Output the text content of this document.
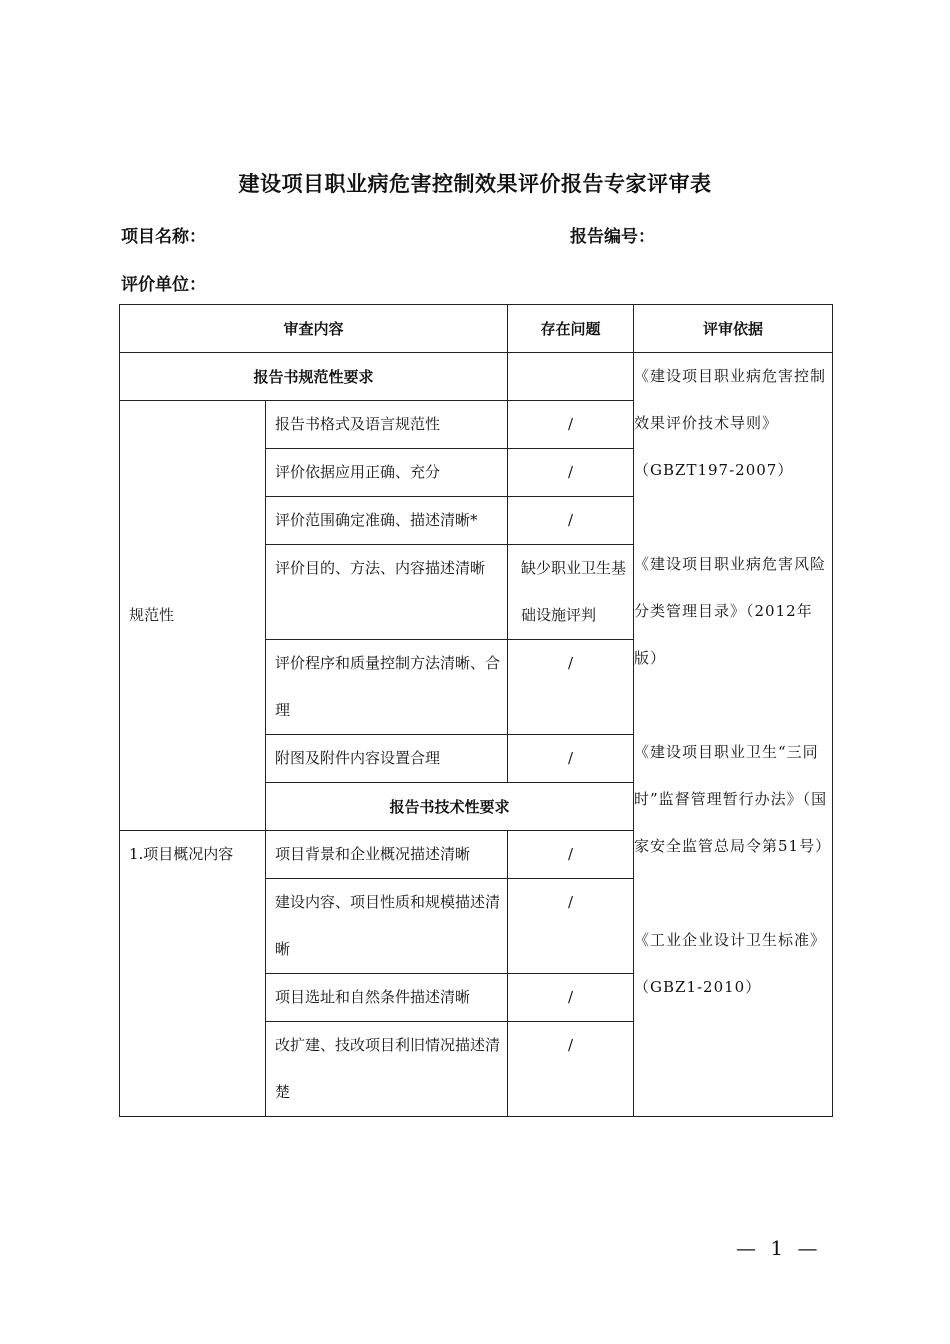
建设项目职业病危害控制效果评价报告专家评审表
项目名称：	报告编号：
评价单位：
审查内容		存在问题	评审依据	
报告书规范性要求			《建设项目职业病危害控制效果评价技术导则》（GBZT197-2007）
《建设项目职业病危害风险分类管理目录》（2012年版）
《建设项目职业卫生“三同时”监督管理暂行办法》（国家安全监管总局令第51号）
《工业企业设计卫生标准》（GBZ1-2010）	

规范性	报告书格式及语言规范性	/		

	评价依据应用正确、充分	/		

	评价范围确定准确、描述清晰*	/		

	评价目的、方法、内容描述清晰	缺少职业卫生基础设施评判		

	评价程序和质量控制方法清晰、合理	/		

	附图及附件内容设置合理	/		

	报告书技术性要求			

1.项目概况内容	项目背景和企业概况描述清晰	/		

	建设内容、项目性质和规模描述清晰	/		

	项目选址和自然条件描述清晰	/		

	改扩建、技改项目利旧情况描述清楚	/		
— 1 —
